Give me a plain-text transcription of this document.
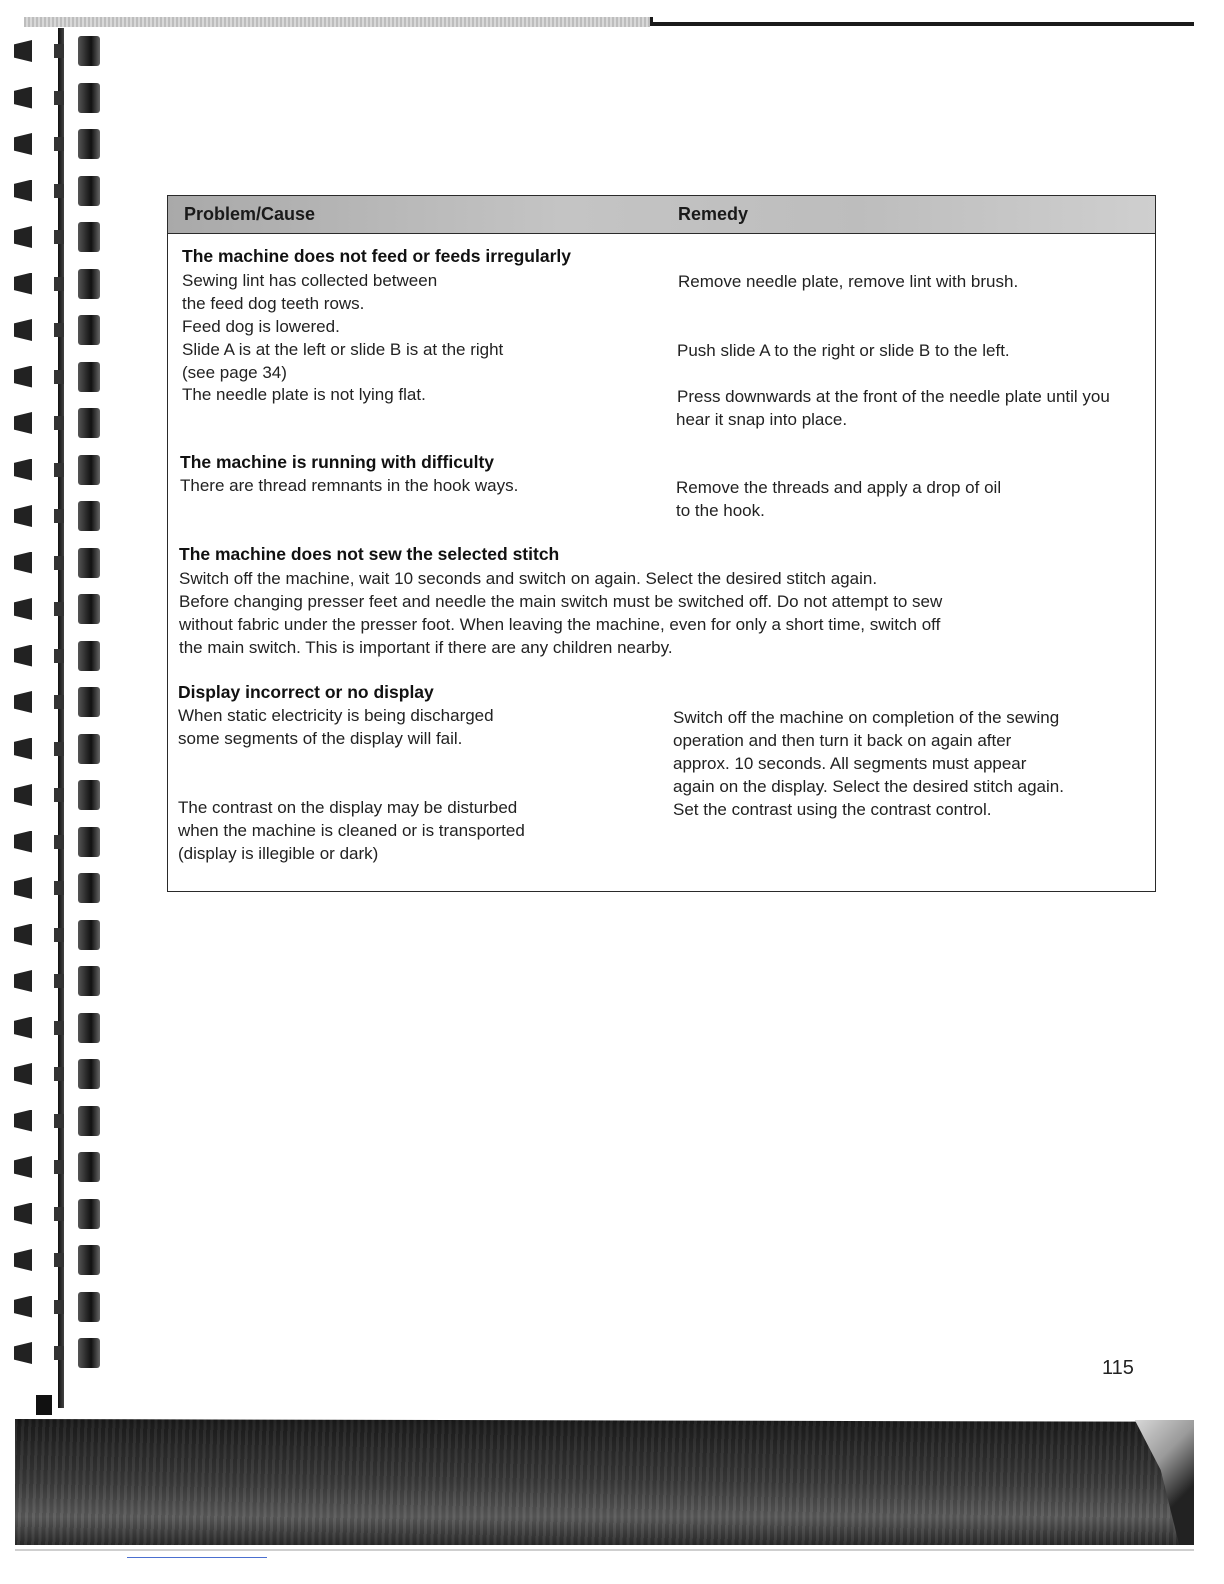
Problem/Cause	Remedy
The machine does not feed or feeds irregularly
Sewing lint has collected between
the feed dog teeth rows.
Feed dog is lowered.
Slide A is at the left or slide B is at the right
(see page 34)
The needle plate is not lying flat.
Remove needle plate, remove lint with brush.
Push slide A to the right or slide B to the left.
Press downwards at the front of the needle plate until you
hear it snap into place.
The machine is running with difficulty
There are thread remnants in the hook ways.	Remove the threads and apply a drop of oil
to the hook.
The machine does not sew the selected stitch
Switch off the machine, wait 10 seconds and switch on again. Select the desired stitch again.
Before changing presser feet and needle the main switch must be switched off. Do not attempt to sew
without fabric under the presser foot. When leaving the machine, even for only a short time, switch off
the main switch. This is important if there are any children nearby.
Display incorrect or no display
When static electricity is being discharged
some segments of the display will fail.
The contrast on the display may be disturbed
when the machine is cleaned or is transported
(display is illegible or dark)
Switch off the machine on completion of the sewing
operation and then turn it back on again after
approx. 10 seconds. All segments must appear
again on the display. Select the desired stitch again.
Set the contrast using the contrast control.
115
